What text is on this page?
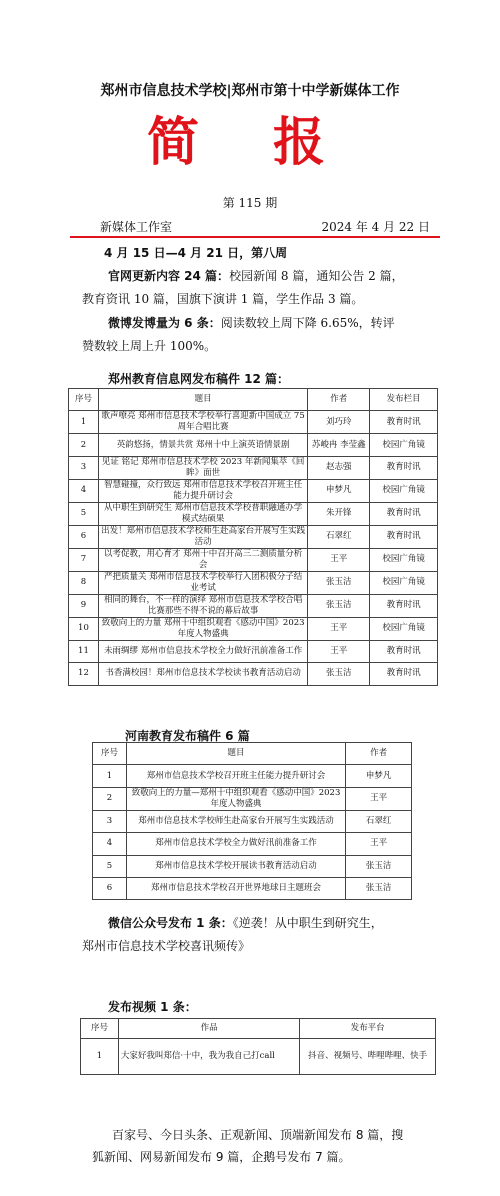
郑州市信息技术学校|郑州市第十中学新媒体工作
简 报
第 115 期
新媒体工作室	2024 年 4 月 22 日
4 月 15 日—4 月 21 日，第八周
官网更新内容 24 篇：校园新闻 8 篇，通知公告 2 篇，
教育资讯 10 篇，国旗下演讲 1 篇，学生作品 3 篇。
微博发博量为 6 条：阅读数较上周下降 6.65%，转评
赞数较上周上升 100%。
郑州教育信息网发布稿件 12 篇：
序号	题目	作者	发布栏目
1	歌声嘹亮 郑州市信息技术学校举行喜迎新中国成立 75 周年合唱比赛	刘巧玲	教育时讯
2	英韵悠扬，情景共赏 郑州十中上演英语情景剧	苏峻冉 李莹鑫	校园广角镜
3	见证 铭记 郑州市信息技术学校 2023 年新闻集萃《回眸》面世	赵志强	教育时讯
4	智慧碰撞，众行致远 郑州市信息技术学校召开班主任能力提升研讨会	申梦凡	校园广角镜
5	从中职生到研究生 郑州市信息技术学校普职融通办学模式结硕果	朱开锋	教育时讯
6	出发！郑州市信息技术学校师生赴高家台开展写生实践活动	石翠红	教育时讯
7	以考促教，用心育才 郑州十中召开高三二测质量分析会	王平	校园广角镜
8	严把质量关 郑州市信息技术学校举行入团积极分子结业考试	张玉洁	校园广角镜
9	相同的舞台，不一样的演绎 郑州市信息技术学校合唱比赛那些不得不说的幕后故事	张玉洁	教育时讯
10	致敬向上的力量 郑州十中组织观看《感动中国》2023 年度人物盛典	王平	校园广角镜
11	未雨绸缪 郑州市信息技术学校全力做好汛前准备工作	王平	教育时讯
12	书香满校园！郑州市信息技术学校读书教育活动启动	张玉洁	教育时讯
河南教育发布稿件 6 篇
序号	题目	作者
1	郑州市信息技术学校召开班主任能力提升研讨会	申梦凡
2	致敬向上的力量—郑州十中组织观看《感动中国》2023 年度人物盛典	王平
3	郑州市信息技术学校师生赴高家台开展写生实践活动	石翠红
4	郑州市信息技术学校全力做好汛前准备工作	王平
5	郑州市信息技术学校开展读书教育活动启动	张玉洁
6	郑州市信息技术学校召开世界地球日主题班会	张玉洁
微信公众号发布 1 条：《逆袭！从中职生到研究生，
郑州市信息技术学校喜讯频传》
发布视频 1 条：
序号	作品	发布平台
1	大家好我叫郑信·十中，我为我自己打call	抖音、视频号、哔哩哔哩、快手
百家号、今日头条、正观新闻、顶端新闻发布 8 篇，搜
狐新闻、网易新闻发布 9 篇，企鹅号发布 7 篇。
